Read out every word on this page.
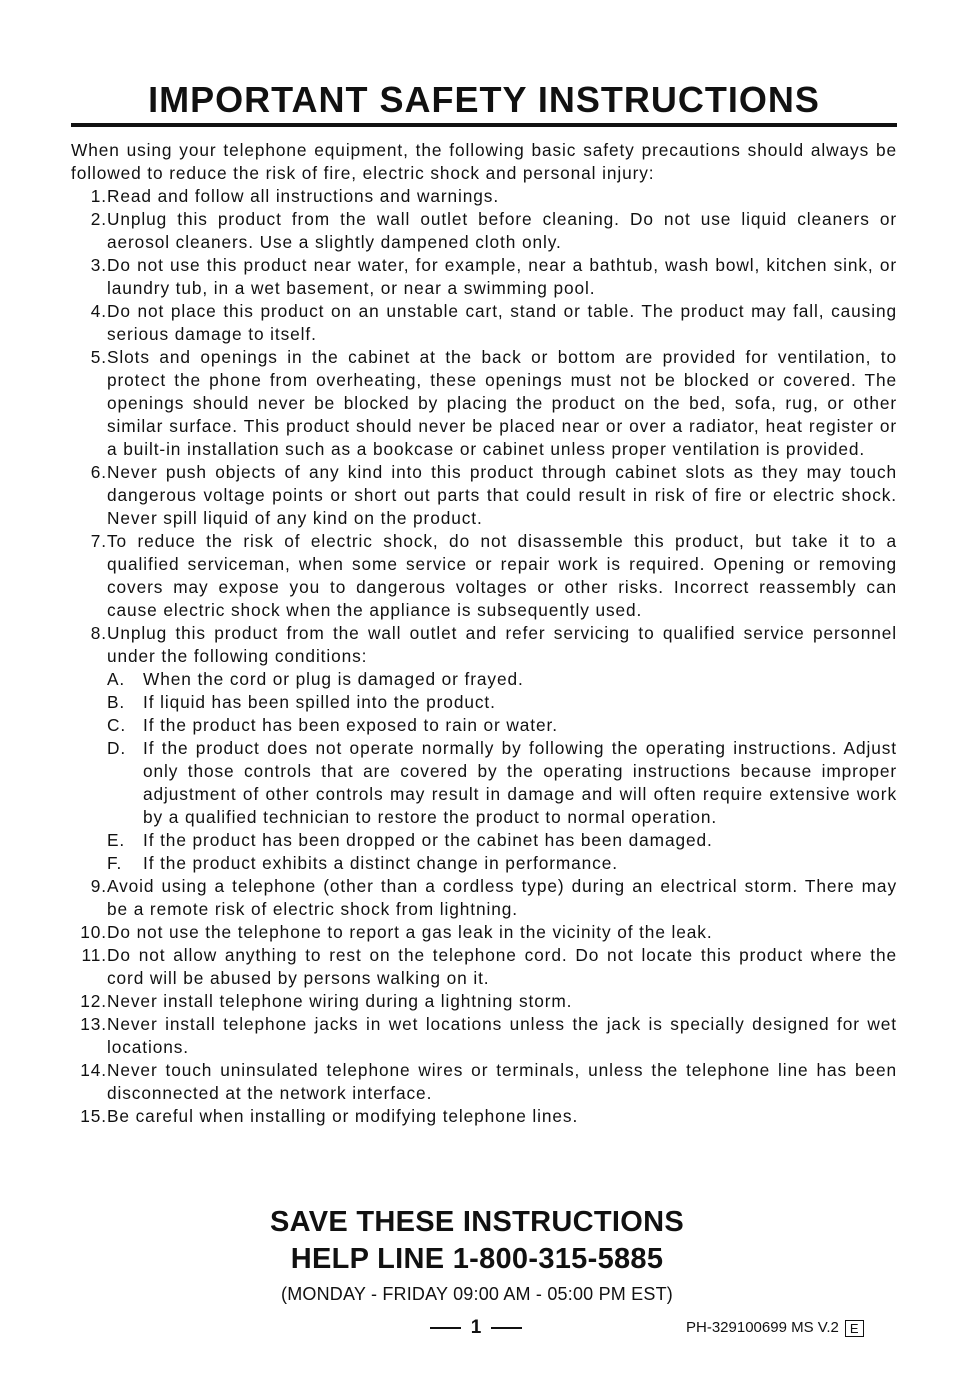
IMPORTANT SAFETY INSTRUCTIONS

When using your telephone equipment, the following basic safety precautions should always be followed to reduce the risk of fire, electric shock and personal injury:

1. Read and follow all instructions and warnings.
2. Unplug this product from the wall outlet before cleaning. Do not use liquid cleaners or aerosol cleaners. Use a slightly dampened cloth only.
3. Do not use this product near water, for example, near a bathtub, wash bowl, kitchen sink, or laundry tub, in a wet basement, or near a swimming pool.
4. Do not place this product on an unstable cart, stand or table. The product may fall, causing serious damage to itself.
5. Slots and openings in the cabinet at the back or bottom are provided for ventilation, to protect the phone from overheating, these openings must not be blocked or covered. The openings should never be blocked by placing the product on the bed, sofa, rug, or other similar surface. This product should never be placed near or over a radiator, heat register or a built-in installation such as a bookcase or cabinet unless proper ventilation is provided.
6. Never push objects of any kind into this product through cabinet slots as they may touch dangerous voltage points or short out parts that could result in risk of fire or electric shock. Never spill liquid of any kind on the product.
7. To reduce the risk of electric shock, do not disassemble this product, but take it to a qualified serviceman, when some service or repair work is required. Opening or removing covers may expose you to dangerous voltages or other risks. Incorrect reassembly can cause electric shock when the appliance is subsequently used.
8. Unplug this product from the wall outlet and refer servicing to qualified service personnel under the following conditions:
A.	When the cord or plug is damaged or frayed.
B.	If liquid has been spilled into the product.
C. If the product has been exposed to rain or water.
D. If the product does not operate normally by following the operating instructions. Adjust only those controls that are covered by the operating instructions because improper adjustment of other controls may result in damage and will often require extensive work by a qualified technician to restore the product to normal operation.
E.	If the product has been dropped or the cabinet has been damaged.
F.	If the product exhibits a distinct change in performance.
9. Avoid using a telephone (other than a cordless type) during an electrical storm. There may be a remote risk of electric shock from lightning.
10. Do not use the telephone to report a gas leak in the vicinity of the leak.
11. Do not allow anything to rest on the telephone cord. Do not locate this product where the cord will be abused by persons walking on it.
12. Never install telephone wiring during a lightning storm.
13. Never install telephone jacks in wet locations unless the jack is specially designed for wet locations.
14. Never touch uninsulated telephone wires or terminals, unless the telephone line has been disconnected at the network interface.
15. Be careful when installing or modifying telephone lines.

SAVE THESE INSTRUCTIONS

HELP LINE 1-800-315-5885

(MONDAY - FRIDAY 09:00 AM - 05:00 PM EST)
1	PH-329100699 MS V.2 E
